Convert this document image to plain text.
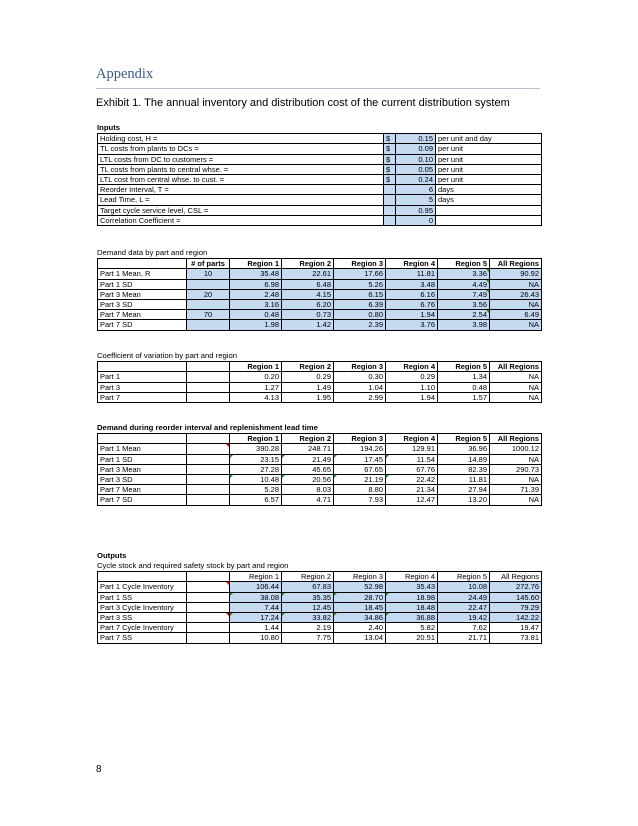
Appendix
Exhibit 1. The annual inventory and distribution cost of the current distribution system
Inputs
Holding cost, H =	$	0.15	per unit and day
TL costs from plants to DCs =	$	0.09	per unit
LTL costs from DC to customers =	$	0.10	per unit
TL costs from plants to central whse. =	$	0.05	per unit
LTL cost from central whse. to cust. =	$	0.24	per unit
Reorder Interval, T =		6	days
Lead Time, L =		5	days
Target cycle service level, CSL =		0.95	
Correlation Coefficient =		0	
Demand data by part and region
	# of parts	Region 1	Region 2	Region 3	Region 4	Region 5	All Regions
Part 1 Mean, R	10	35.48	22.61	17.66	11.81	3.36	90.92
Part 1 SD		6.98	6.48	5.26	3.48	4.49	NA
Part 3 Mean	20	2.48	4.15	6.15	6.16	7.49	26.43
Part 3 SD		3.16	6.20	6.39	6.76	3.56	NA
Part 7 Mean	70	0.48	0.73	0.80	1.94	2.54	6.49
Part 7 SD		1.98	1.42	2.39	3.76	3.98	NA
Coefficient of variation by part and region
		Region 1	Region 2	Region 3	Region 4	Region 5	All Regions
Part 1		0.20	0.29	0.30	0.29	1.34	NA
Part 3		1.27	1.49	1.04	1.10	0.48	NA
Part 7		4.13	1.95	2.99	1.94	1.57	NA
Demand during reorder interval and replenishment lead time
		Region 1	Region 2	Region 3	Region 4	Region 5	All Regions
Part 1 Mean		390.28	248.71	194.26	129.91	36.96	1000.12
Part 1 SD		23.15	21.49	17.45	11.54	14.89	NA
Part 3 Mean		27.28	45.65	67.65	67.76	82.39	290.73
Part 3 SD		10.48	20.56	21.19	22.42	11.81	NA
Part 7 Mean		5.28	8.03	8.80	21.34	27.94	71.39
Part 7 SD		6.57	4.71	7.93	12.47	13.20	NA
Outputs
Cycle stock and required safety stock by part and region
		Region 1	Region 2	Region 3	Region 4	Region 5	All Regions
Part 1 Cycle Inventory		106.44	67.83	52.98	35.43	10.08	272.76
Part 1 SS		38.08	35.35	28.70	18.98	24.49	145.60
Part 3 Cycle Inventory		7.44	12.45	18.45	18.48	22.47	79.29
Part 3 SS		17.24	33.82	34.86	36.88	19.42	142.22
Part 7 Cycle Inventory		1.44	2.19	2.40	5.82	7.62	19.47
Part 7 SS		10.80	7.75	13.04	20.51	21.71	73.81
8
